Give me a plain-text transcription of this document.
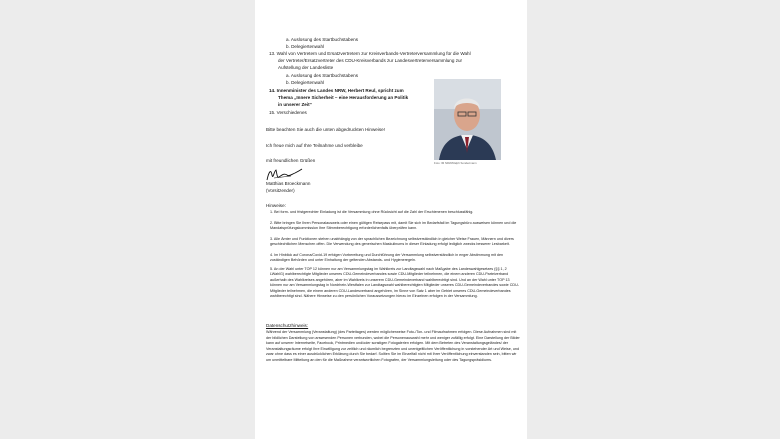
a. Auslosung des Startbuchstabens
b. Delegiertenwahl
13. Wahl von Vertretern und Ersatzvertretern zur Kreisverbands-Vertreterversammlung für die Wahl
der Vertreter/Ersatzvertreter des CDU-Kreisverbands zur Landesvertreterversammlung zur
Aufstellung der Landesliste
a. Auslosung des Startbuchstabens
b. Delegiertenwahl
14. Innenminister des Landes NRW, Herbert Reul, spricht zum
Thema „Innere Sicherheit – eine Herausforderung an Politik
in unserer Zeit“
15. Verschiedenes
Bitte beachten Sie auch die unten abgedruckten Hinweise!
Ich freue mich auf Ihre Teilnahme und verbleibe
mit freundlichen Grüßen
Matthias Broeckmann
(Vorsitzender)
Foto: IM NRW/Ralph Sondermann
Hinweise:
1. Bei form- und fristgerechter Einladung ist die Versammlung ohne Rücksicht auf die Zahl der Erschienenen beschlussfähig.
2. Bitte bringen Sie Ihren Personalausweis oder einen gültigen Reisepass mit, damit Sie sich im Bedarfsfall im Tagungsbüro ausweisen können und die Mandatsprüfungskommission Ihre Stimmberechtigung erforderlichenfalls überprüfen kann.
3. Alle Ämter und Funktionen stehen unabhängig von der sprachlichen Bezeichnung selbstverständlich in gleicher Weise Frauen, Männern und divers geschlechtlichen Menschen offen. Die Verwendung des generischen Maskulinums in dieser Einladung erfolgt lediglich zwecks besserer Lesbarkeit.
4. Im Hinblick auf Corona/Covid-19 erfolgen Vorbereitung und Durchführung der Versammlung selbstverständlich in enger Abstimmung mit den zuständigen Behörden und unter Einhaltung der geltenden Abstands- und Hygieneregeln.
5. An der Wahl unter TOP 12 können nur am Versammlungstag im Wahlkreis zur Landtagswahl nach Maßgabe des Landeswahlgesetzes (§§ 1, 2 LWahlG) wahlberechtigte Mitglieder unseres CDU-Gemeindeverbandes sowie CDU-Mitglieder teilnehmen, die einem anderen CDU-Parteiverband außerhalb des Wahlkreises angehören, aber im Wahlkreis in unserem CDU-Gemeindeverband wahlberechtigt sind. Und an der Wahl unter TOP 13 können nur am Versammlungstag in Nordrhein-Westfalen zur Landtagswahl wahlberechtigten Mitglieder unseres CDU-Gemeindeverbandes sowie CDU-Mitglieder teilnehmen, die einem anderen CDU-Landesverband angehören, im Sinne von Satz 1 aber im Gebiet unseres CDU-Gemeindeverbandes wahlberechtigt sind. Nähere Hinweise zu den persönlichen Voraussetzungen hierzu im Einzelnen erfolgen in der Versammlung.
Datenschutzhinweis:
Während der Versammlung (Veranstaltung) (des Parteitages) werden möglicherweise Foto-/Ton- und Filmaufnahmen erfolgen. Diese Aufnahmen sind mit der bildlichen Darstellung von anwesenden Personen verbunden, wobei die Personenauswahl mehr und weniger zufällig erfolgt. Eine Darstellung der Bilder kann auf unserer Internetseite, Facebook, Printmedien und/oder sonstigen Fotogalerien erfolgen. Mit dem Betreten des Veranstaltungsgeländes/ der Veranstaltungsräume erfolgt Ihre Einwilligung zur zeitlich und räumlich begrenzten und unentgeltlichen Veröffentlichung in vorstehender Art und Weise, und zwar ohne dass es einer ausdrücklichen Erklärung durch Sie bedarf. Sollten Sie im Einzelfall nicht mit Ihrer Veröffentlichung einverstanden sein, bitten wir um unmittelbare Mitteilung an den für die Maßnahme verantwortlichen Fotografen, der Versammlungsleitung oder des Tagungspräsidiums.
